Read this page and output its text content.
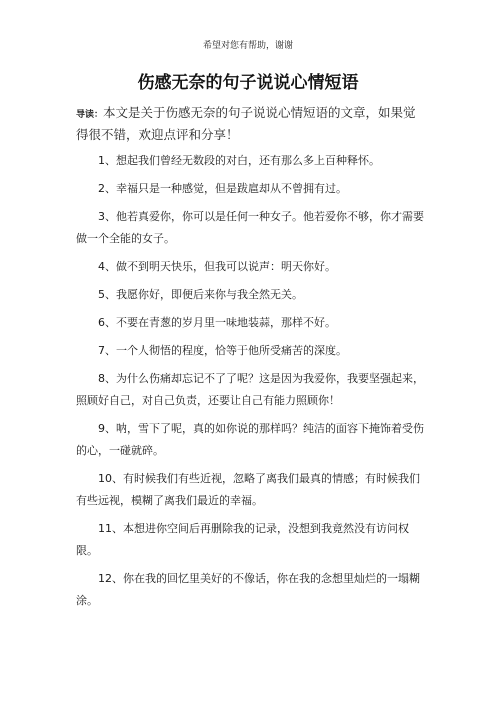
希望对您有帮助，谢谢
伤感无奈的句子说说心情短语
导读：本文是关于伤感无奈的句子说说心情短语的文章，如果觉得很不错，欢迎点评和分享！

1、想起我们曾经无数段的对白，还有那么多上百种释怀。

2、幸福只是一种感觉，但是跋扈却从不曾拥有过。

3、他若真爱你，你可以是任何一种女子。他若爱你不够，你才需要做一个全能的女子。

4、做不到明天快乐，但我可以说声：明天你好。

5、我愿你好，即便后来你与我全然无关。

6、不要在青葱的岁月里一味地装蒜，那样不好。

7、一个人彻悟的程度，恰等于他所受痛苦的深度。

8、为什么伤痛却忘记不了了呢？这是因为我爱你，我要坚强起来，照顾好自己，对自己负责，还要让自己有能力照顾你！

9、呐，雪下了呢，真的如你说的那样吗？纯洁的面容下掩饰着受伤的心，一碰就碎。

10、有时候我们有些近视，忽略了离我们最真的情感；有时候我们有些远视，模糊了离我们最近的幸福。

11、本想进你空间后再删除我的记录，没想到我竟然没有访问权限。

12、你在我的回忆里美好的不像话，你在我的念想里灿烂的一塌糊涂。
